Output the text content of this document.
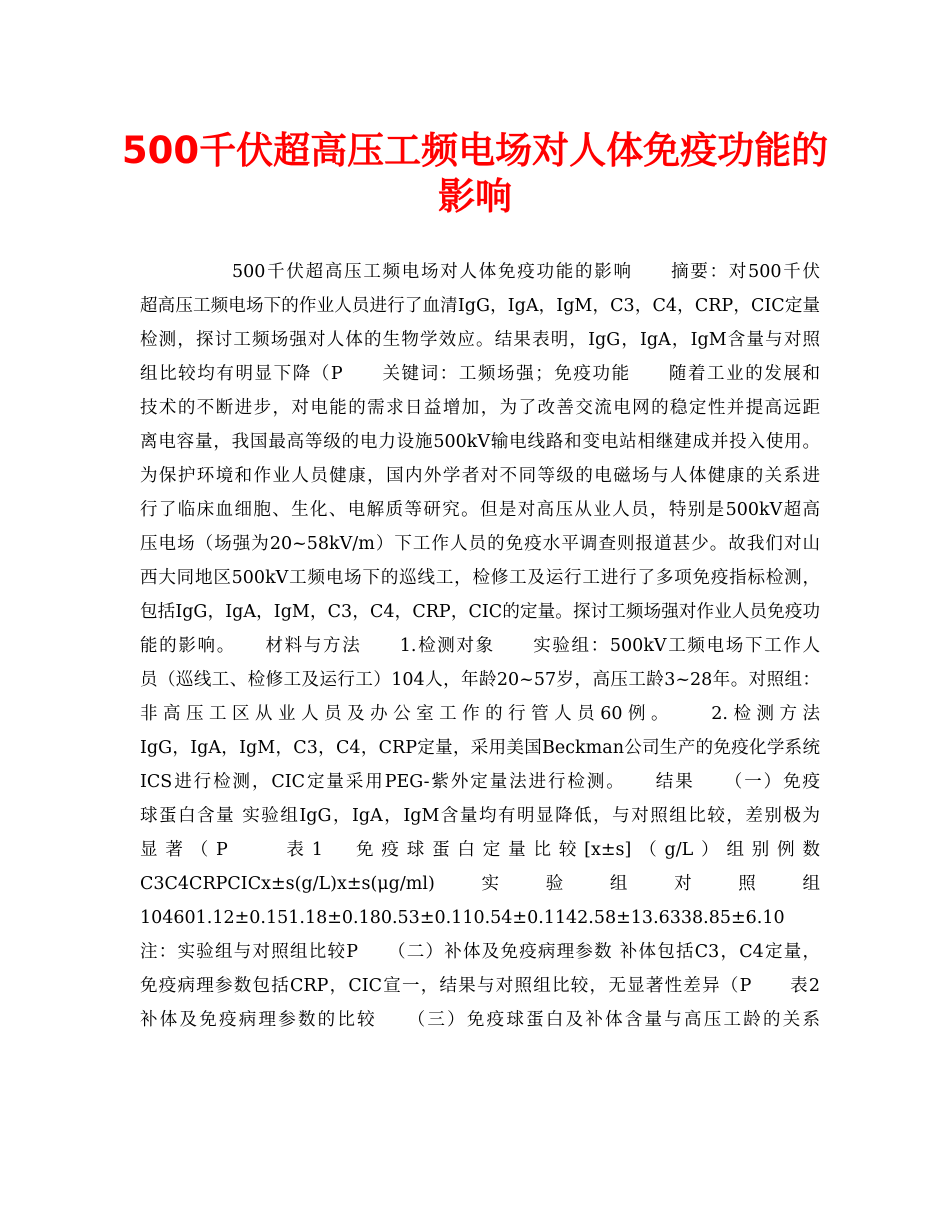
500千伏超高压工频电场对人体免疫功能的
影响
500千伏超高压工频电场对人体免疫功能的影响　　摘要：对500千伏
超高压工频电场下的作业人员进行了血清IgG，IgA，IgM，C3，C4，CRP，CIC定量
检测，探讨工频场强对人体的生物学效应。结果表明，IgG，IgA，IgM含量与对照
组比较均有明显下降（P　　关键词：工频场强；免疫功能　　随着工业的发展和
技术的不断进步，对电能的需求日益增加，为了改善交流电网的稳定性并提高远距
离电容量，我国最高等级的电力设施500kV输电线路和变电站相继建成并投入使用。
为保护环境和作业人员健康，国内外学者对不同等级的电磁场与人体健康的关系进
行了临床血细胞、生化、电解质等研究。但是对高压从业人员，特别是500kV超高
压电场（场强为20~58kV/m）下工作人员的免疫水平调查则报道甚少。故我们对山
西大同地区500kV工频电场下的巡线工，检修工及运行工进行了多项免疫指标检测，
包括IgG，IgA，IgM，C3，C4，CRP，CIC的定量。探讨工频场强对作业人员免疫功
能的影响。　　材料与方法　　1.检测对象　　实验组：500kV工频电场下工作人
员（巡线工、检修工及运行工）104人，年龄20~57岁，高压工龄3~28年。对照组：
非高压工区从业人员及办公室工作的行管人员60例。　　2.检测方法
IgG，IgA，IgM，C3，C4，CRP定量，采用美国Beckman公司生产的免疫化学系统
ICS进行检测，CIC定量采用PEG-紫外定量法进行检测。　　结果　　（一）免疫
球蛋白含量 实验组IgG，IgA，IgM含量均有明显降低，与对照组比较，差别极为
显著（P　　表1　免疫球蛋白定量比较[x±s]（g/L）组别例数
C3C4CRPCICx±s(g/L)x±s(μg/ml)　实　验　组　对　照　组
104601.12±0.151.18±0.180.53±0.110.54±0.1142.58±13.6338.85±6.10
注：实验组与对照组比较P　　（二）补体及免疫病理参数 补体包括C3，C4定量，
免疫病理参数包括CRP，CIC宣一，结果与对照组比较，无显著性差异（P　　表2
补体及免疫病理参数的比较　　（三）免疫球蛋白及补体含量与高压工龄的关系
